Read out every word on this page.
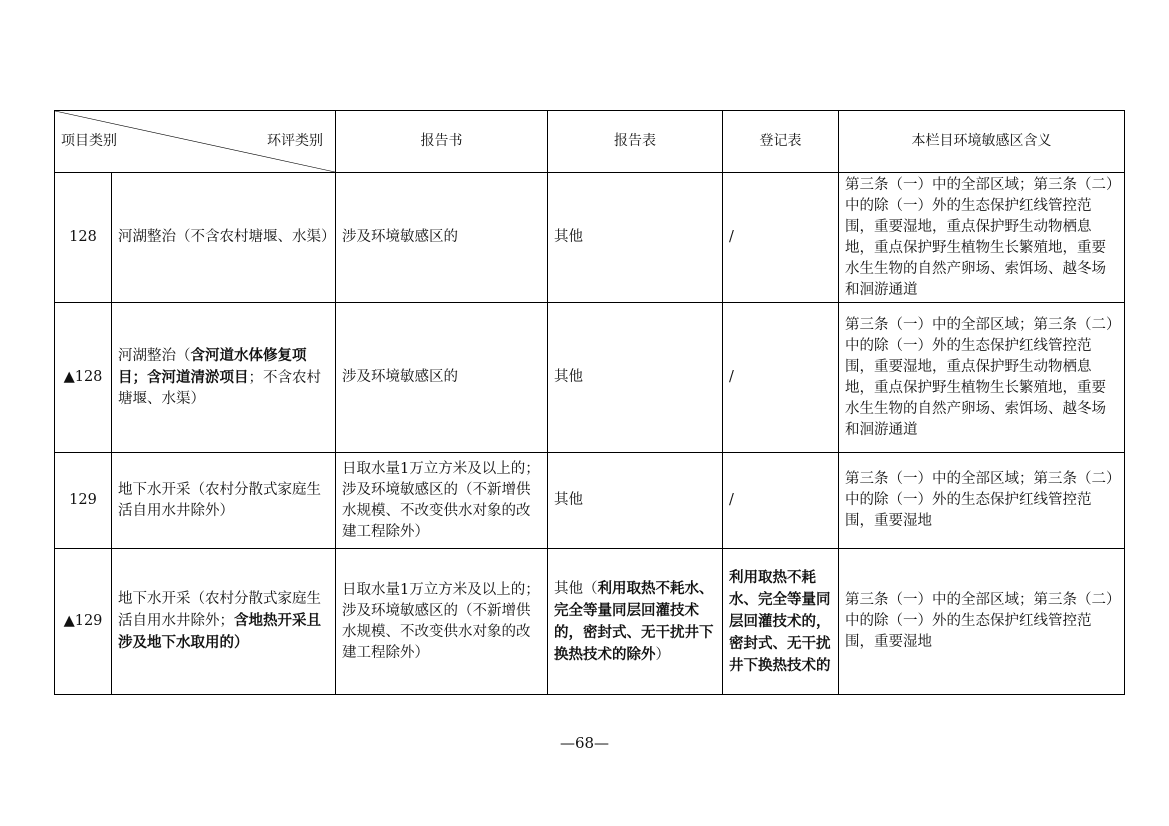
项目类别 环评类别		报告书	报告表	登记表	本栏目环境敏感区含义
128	河湖整治（不含农村塘堰、水渠）	涉及环境敏感区的	其他	/	第三条（一）中的全部区域；第三条（二）中的除（一）外的生态保护红线管控范围，重要湿地，重点保护野生动物栖息地，重点保护野生植物生长繁殖地，重要水生生物的自然产卵场、索饵场、越冬场和洄游通道
▲128	河湖整治（含河道水体修复项目；含河道清淤项目；不含农村塘堰、水渠）	涉及环境敏感区的	其他	/	第三条（一）中的全部区域；第三条（二）中的除（一）外的生态保护红线管控范围，重要湿地，重点保护野生动物栖息地，重点保护野生植物生长繁殖地，重要水生生物的自然产卵场、索饵场、越冬场和洄游通道
129	地下水开采（农村分散式家庭生活自用水井除外）	日取水量1万立方米及以上的；涉及环境敏感区的（不新增供水规模、不改变供水对象的改建工程除外）	其他	/	第三条（一）中的全部区域；第三条（二）中的除（一）外的生态保护红线管控范围，重要湿地
▲129	地下水开采（农村分散式家庭生活自用水井除外；含地热开采且涉及地下水取用的）	日取水量1万立方米及以上的；涉及环境敏感区的（不新增供水规模、不改变供水对象的改建工程除外）	其他（利用取热不耗水、完全等量同层回灌技术的，密封式、无干扰井下换热技术的除外）	利用取热不耗水、完全等量同层回灌技术的，密封式、无干扰井下换热技术的	第三条（一）中的全部区域；第三条（二）中的除（一）外的生态保护红线管控范围，重要湿地
—68—
